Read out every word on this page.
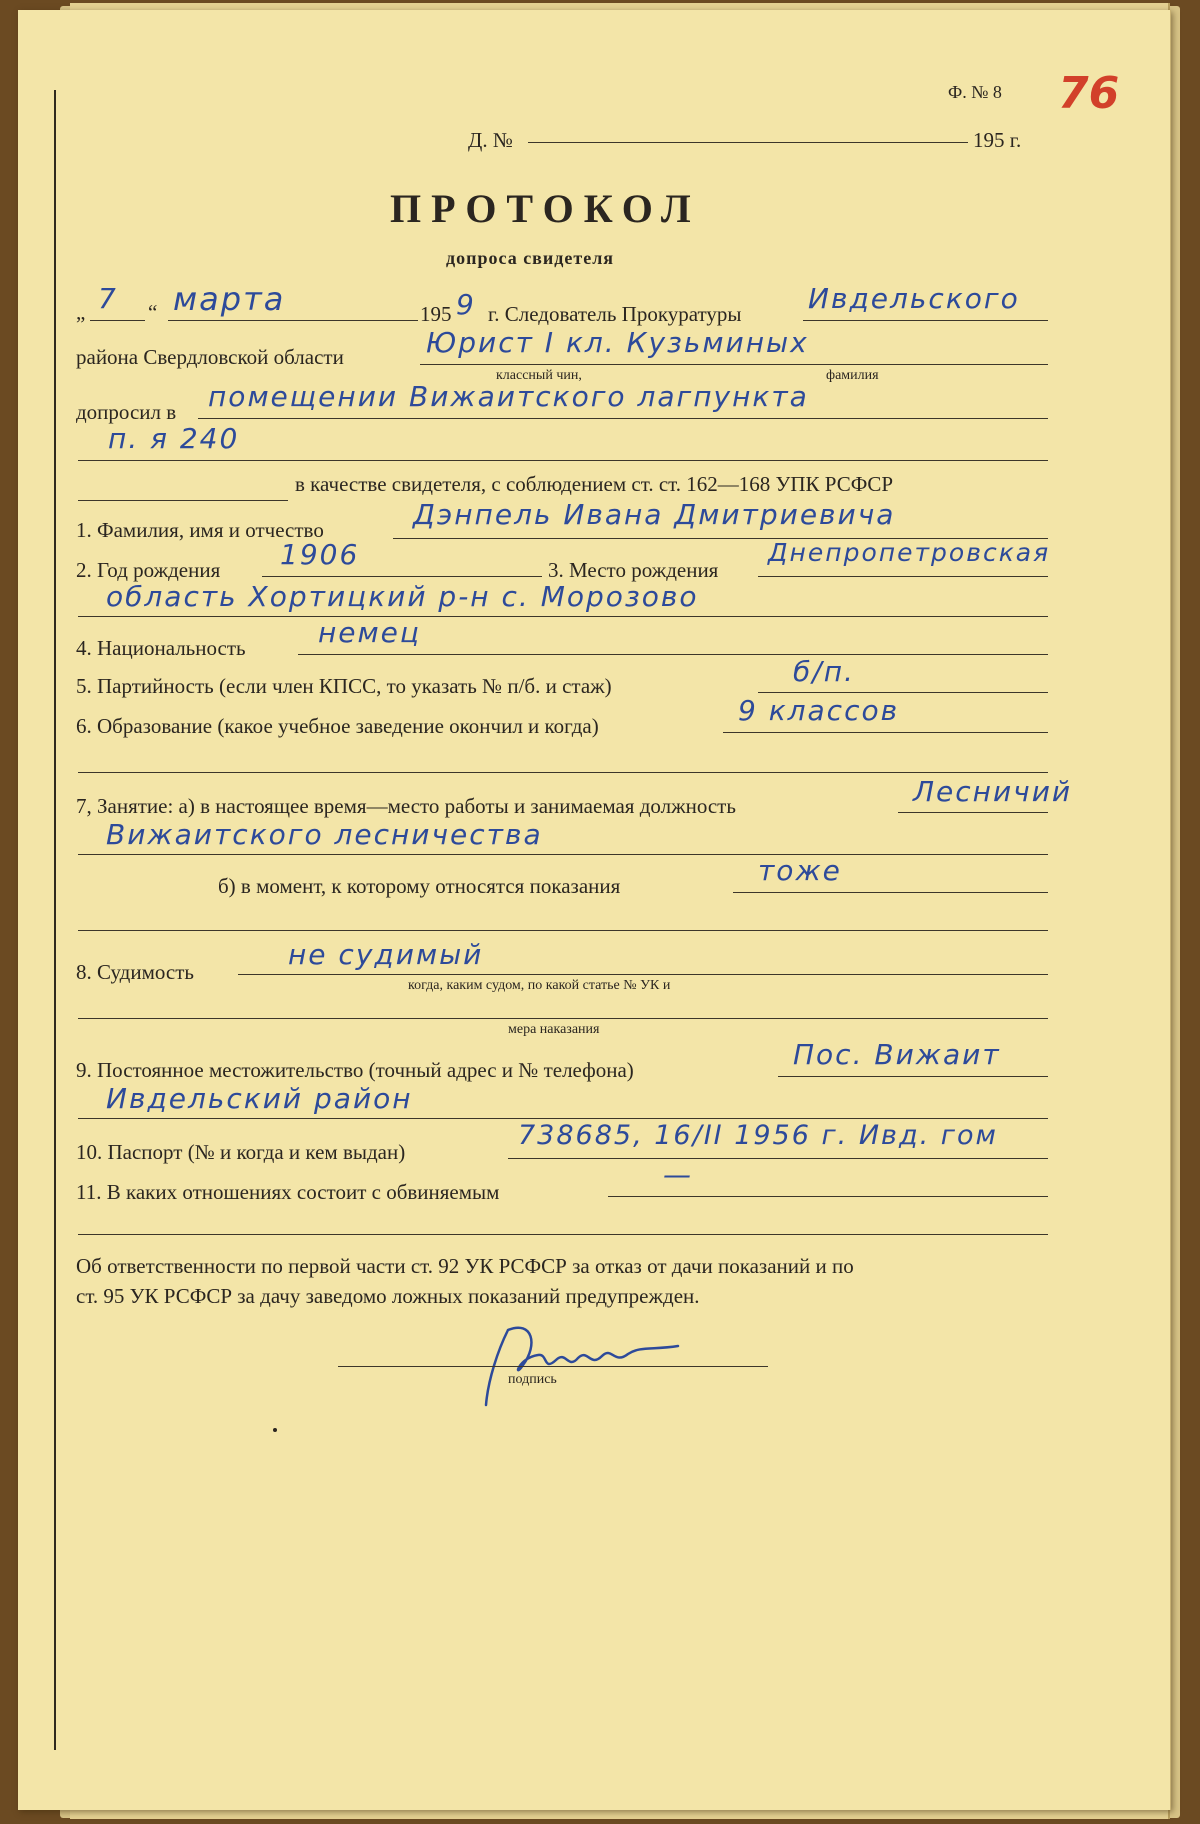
Ф. № 8 76
Д. №	195 г.
ПРОТОКОЛ
допроса свидетеля
„ 7 “ марта	195 9 г. Следователь Прокуратуры Ивдельского
района Свердловской области	Юрист I кл. Кузьминых
классный чин,	фамилия
допросил в помещении Вижаитского лагпункта
п. я 240
в качестве свидетеля, с соблюдением ст. ст. 162—168 УПК РСФСР
1. Фамилия, имя и отчество	Дэнпель Ивана Дмитриевича
2. Год рождения 1906	3. Место рождения
Днепропетровская
область Хортицкий р-н с. Морозово
4. Национальность	немец
5. Партийность (если член КПСС, то указать № п/б. и стаж)	б/п.
6. Образование (какое учебное заведение окончил и когда)	9 классов
7, Занятие: а) в настоящее время—место работы и занимаемая должность	Лесничий
Вижаитского лесничества
б) в момент, к которому относятся показания	тоже
8. Судимость
не судимый
когда, каким судом, по какой статье № УК и
мера наказания
9. Постоянное местожительство (точный адрес и № телефона)	Пос. Вижаит
Ивдельский район
10. Паспорт (№ и когда и кем выдан)
738685, 16/II 1956 г. Ивд. гом
11. В каких отношениях состоит с обвиняемым
—
Об ответственности по первой части ст. 92 УК РСФСР за отказ от дачи показаний и по
ст. 95 УК РСФСР за дачу заведомо ложных показаний предупрежден.
подпись
